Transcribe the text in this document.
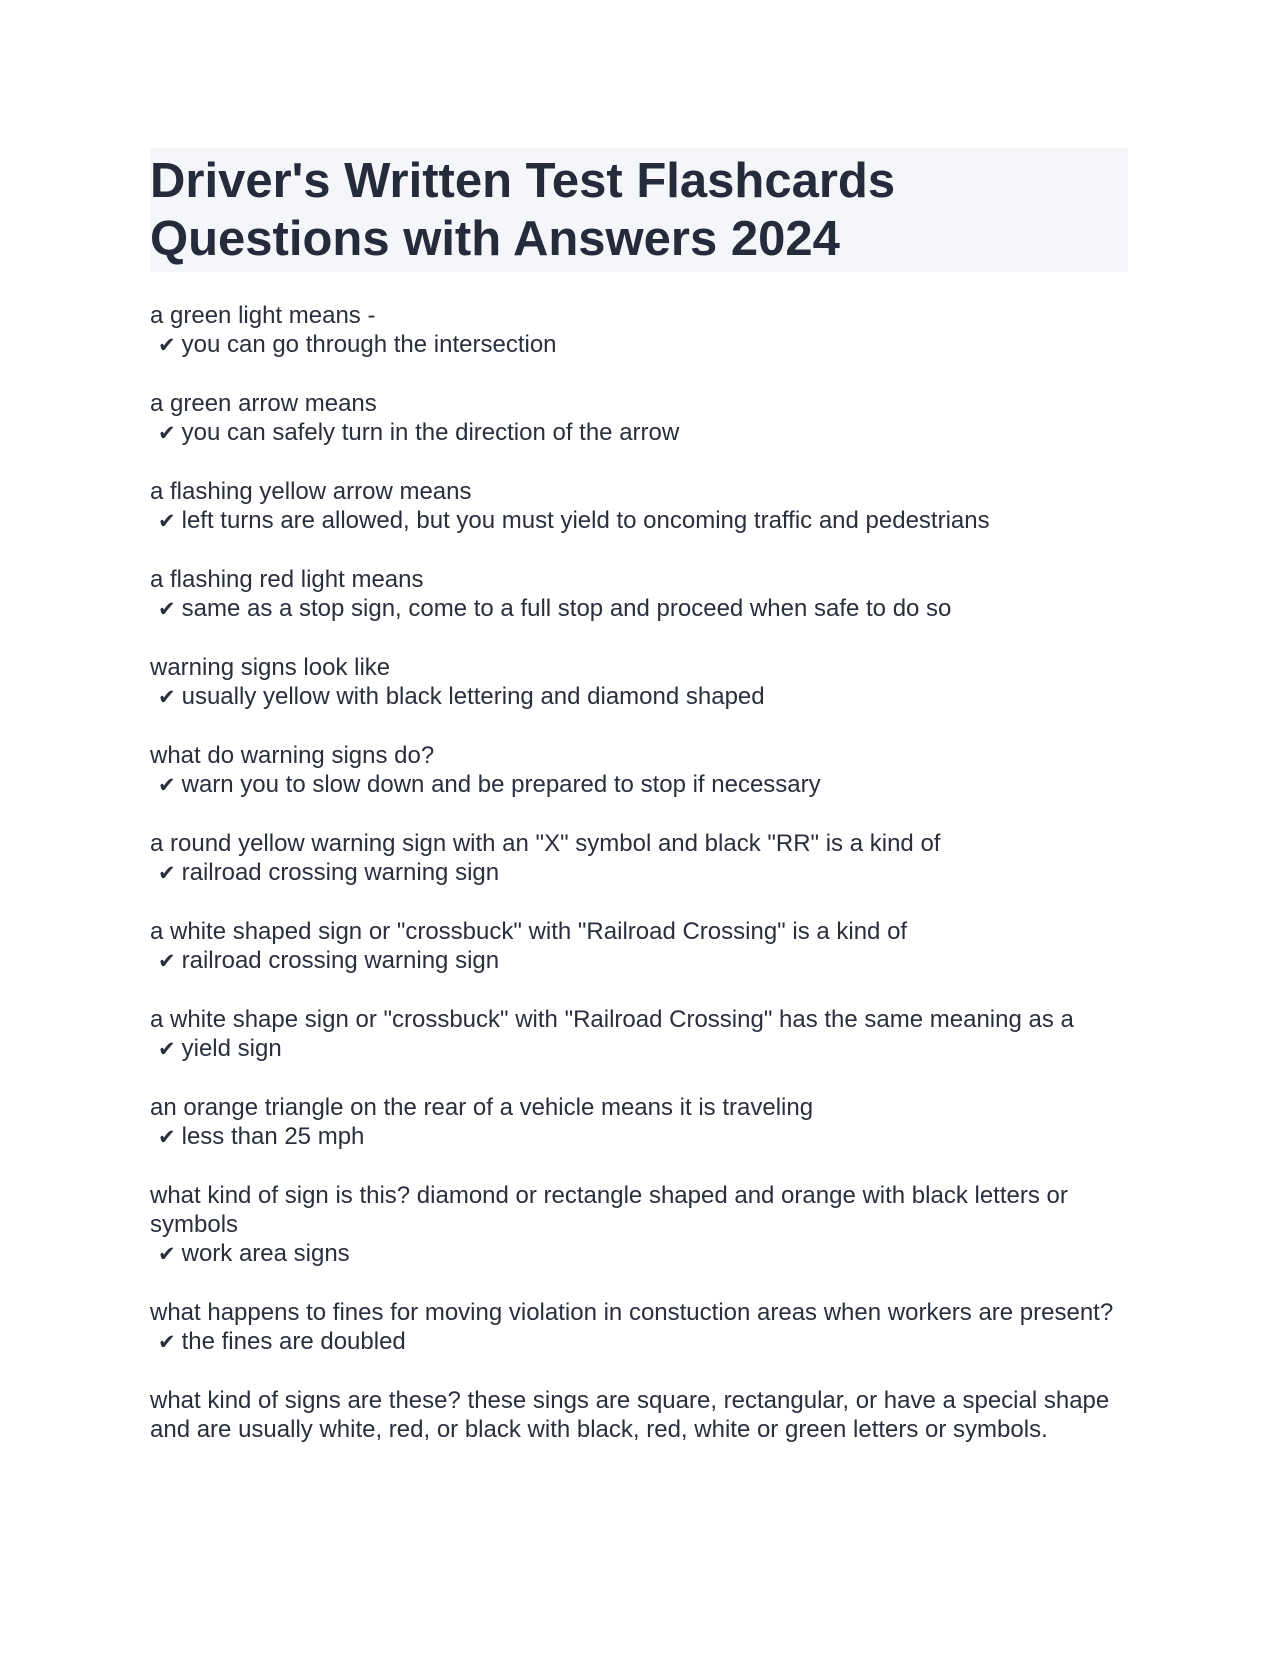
Driver's Written Test Flashcards Questions with Answers 2024
a green light means -
✔ you can go through the intersection
a green arrow means
✔ you can safely turn in the direction of the arrow
a flashing yellow arrow means
✔ left turns are allowed, but you must yield to oncoming traffic and pedestrians
a flashing red light means
✔ same as a stop sign, come to a full stop and proceed when safe to do so
warning signs look like
✔ usually yellow with black lettering and diamond shaped
what do warning signs do?
✔ warn you to slow down and be prepared to stop if necessary
a round yellow warning sign with an "X" symbol and black "RR" is a kind of
✔ railroad crossing warning sign
a white shaped sign or "crossbuck" with "Railroad Crossing" is a kind of
✔ railroad crossing warning sign
a white shape sign or "crossbuck" with "Railroad Crossing" has the same meaning as a
✔ yield sign
an orange triangle on the rear of a vehicle means it is traveling
✔ less than 25 mph
what kind of sign is this? diamond or rectangle shaped and orange with black letters or symbols
✔ work area signs
what happens to fines for moving violation in constuction areas when workers are present?
✔ the fines are doubled
what kind of signs are these? these sings are square, rectangular, or have a special shape and are usually white, red, or black with black, red, white or green letters or symbols.
